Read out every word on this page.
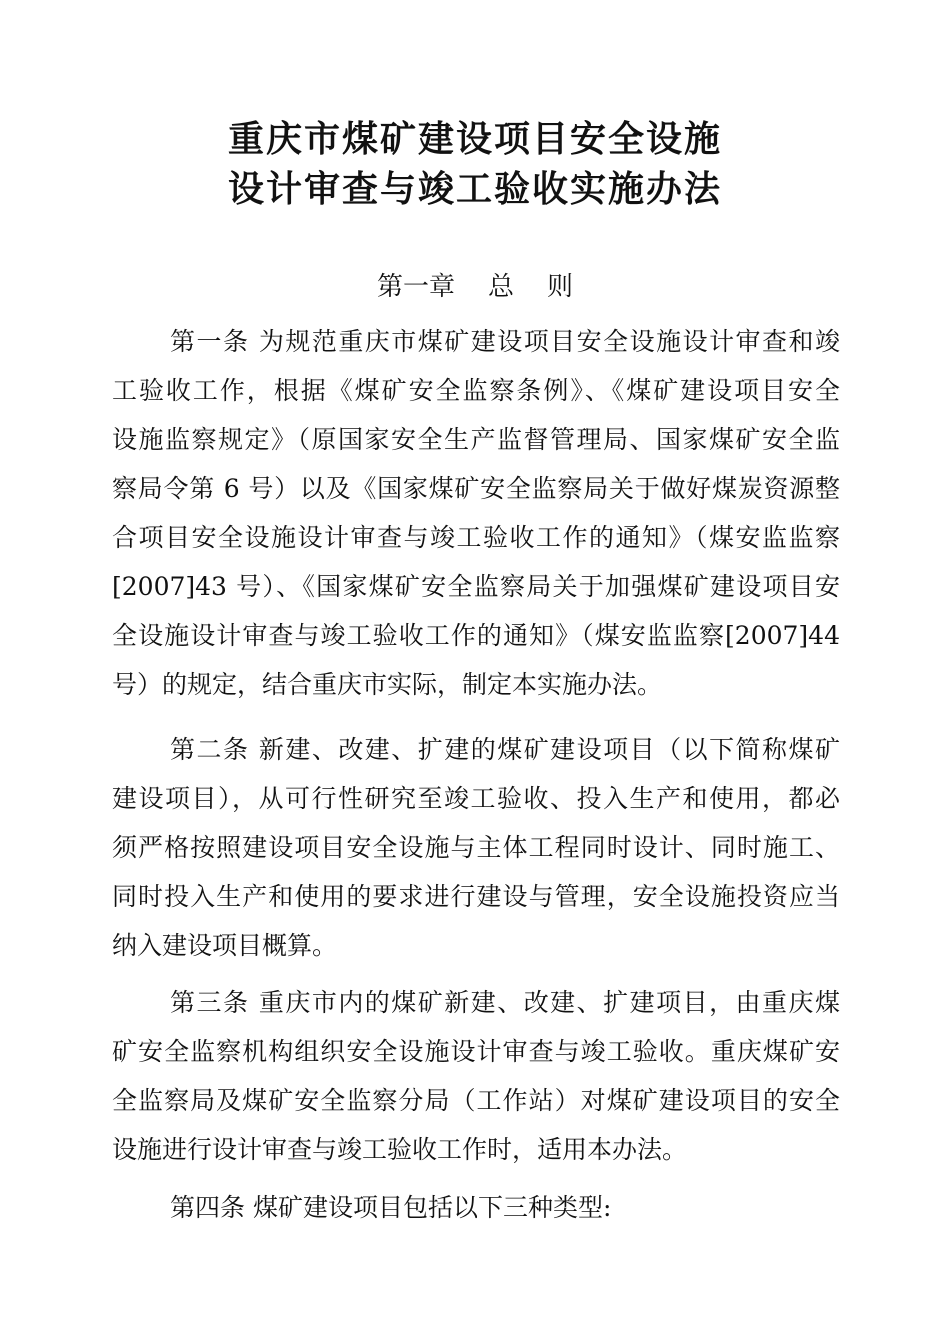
重庆市煤矿建设项目安全设施
设计审查与竣工验收实施办法
第一章    总    则
第一条 为规范重庆市煤矿建设项目安全设施设计审查和竣
工验收工作，根据《煤矿安全监察条例》、《煤矿建设项目安全
设施监察规定》（原国家安全生产监督管理局、国家煤矿安全监
察局令第 6 号）以及《国家煤矿安全监察局关于做好煤炭资源整
合项目安全设施设计审查与竣工验收工作的通知》（煤安监监察
[2007]43 号）、《国家煤矿安全监察局关于加强煤矿建设项目安
全设施设计审查与竣工验收工作的通知》（煤安监监察[2007]44
号）的规定，结合重庆市实际，制定本实施办法。
第二条 新建、改建、扩建的煤矿建设项目（以下简称煤矿
建设项目），从可行性研究至竣工验收、投入生产和使用，都必
须严格按照建设项目安全设施与主体工程同时设计、同时施工、
同时投入生产和使用的要求进行建设与管理，安全设施投资应当
纳入建设项目概算。
第三条 重庆市内的煤矿新建、改建、扩建项目，由重庆煤
矿安全监察机构组织安全设施设计审查与竣工验收。重庆煤矿安
全监察局及煤矿安全监察分局（工作站）对煤矿建设项目的安全
设施进行设计审查与竣工验收工作时，适用本办法。
第四条 煤矿建设项目包括以下三种类型:
